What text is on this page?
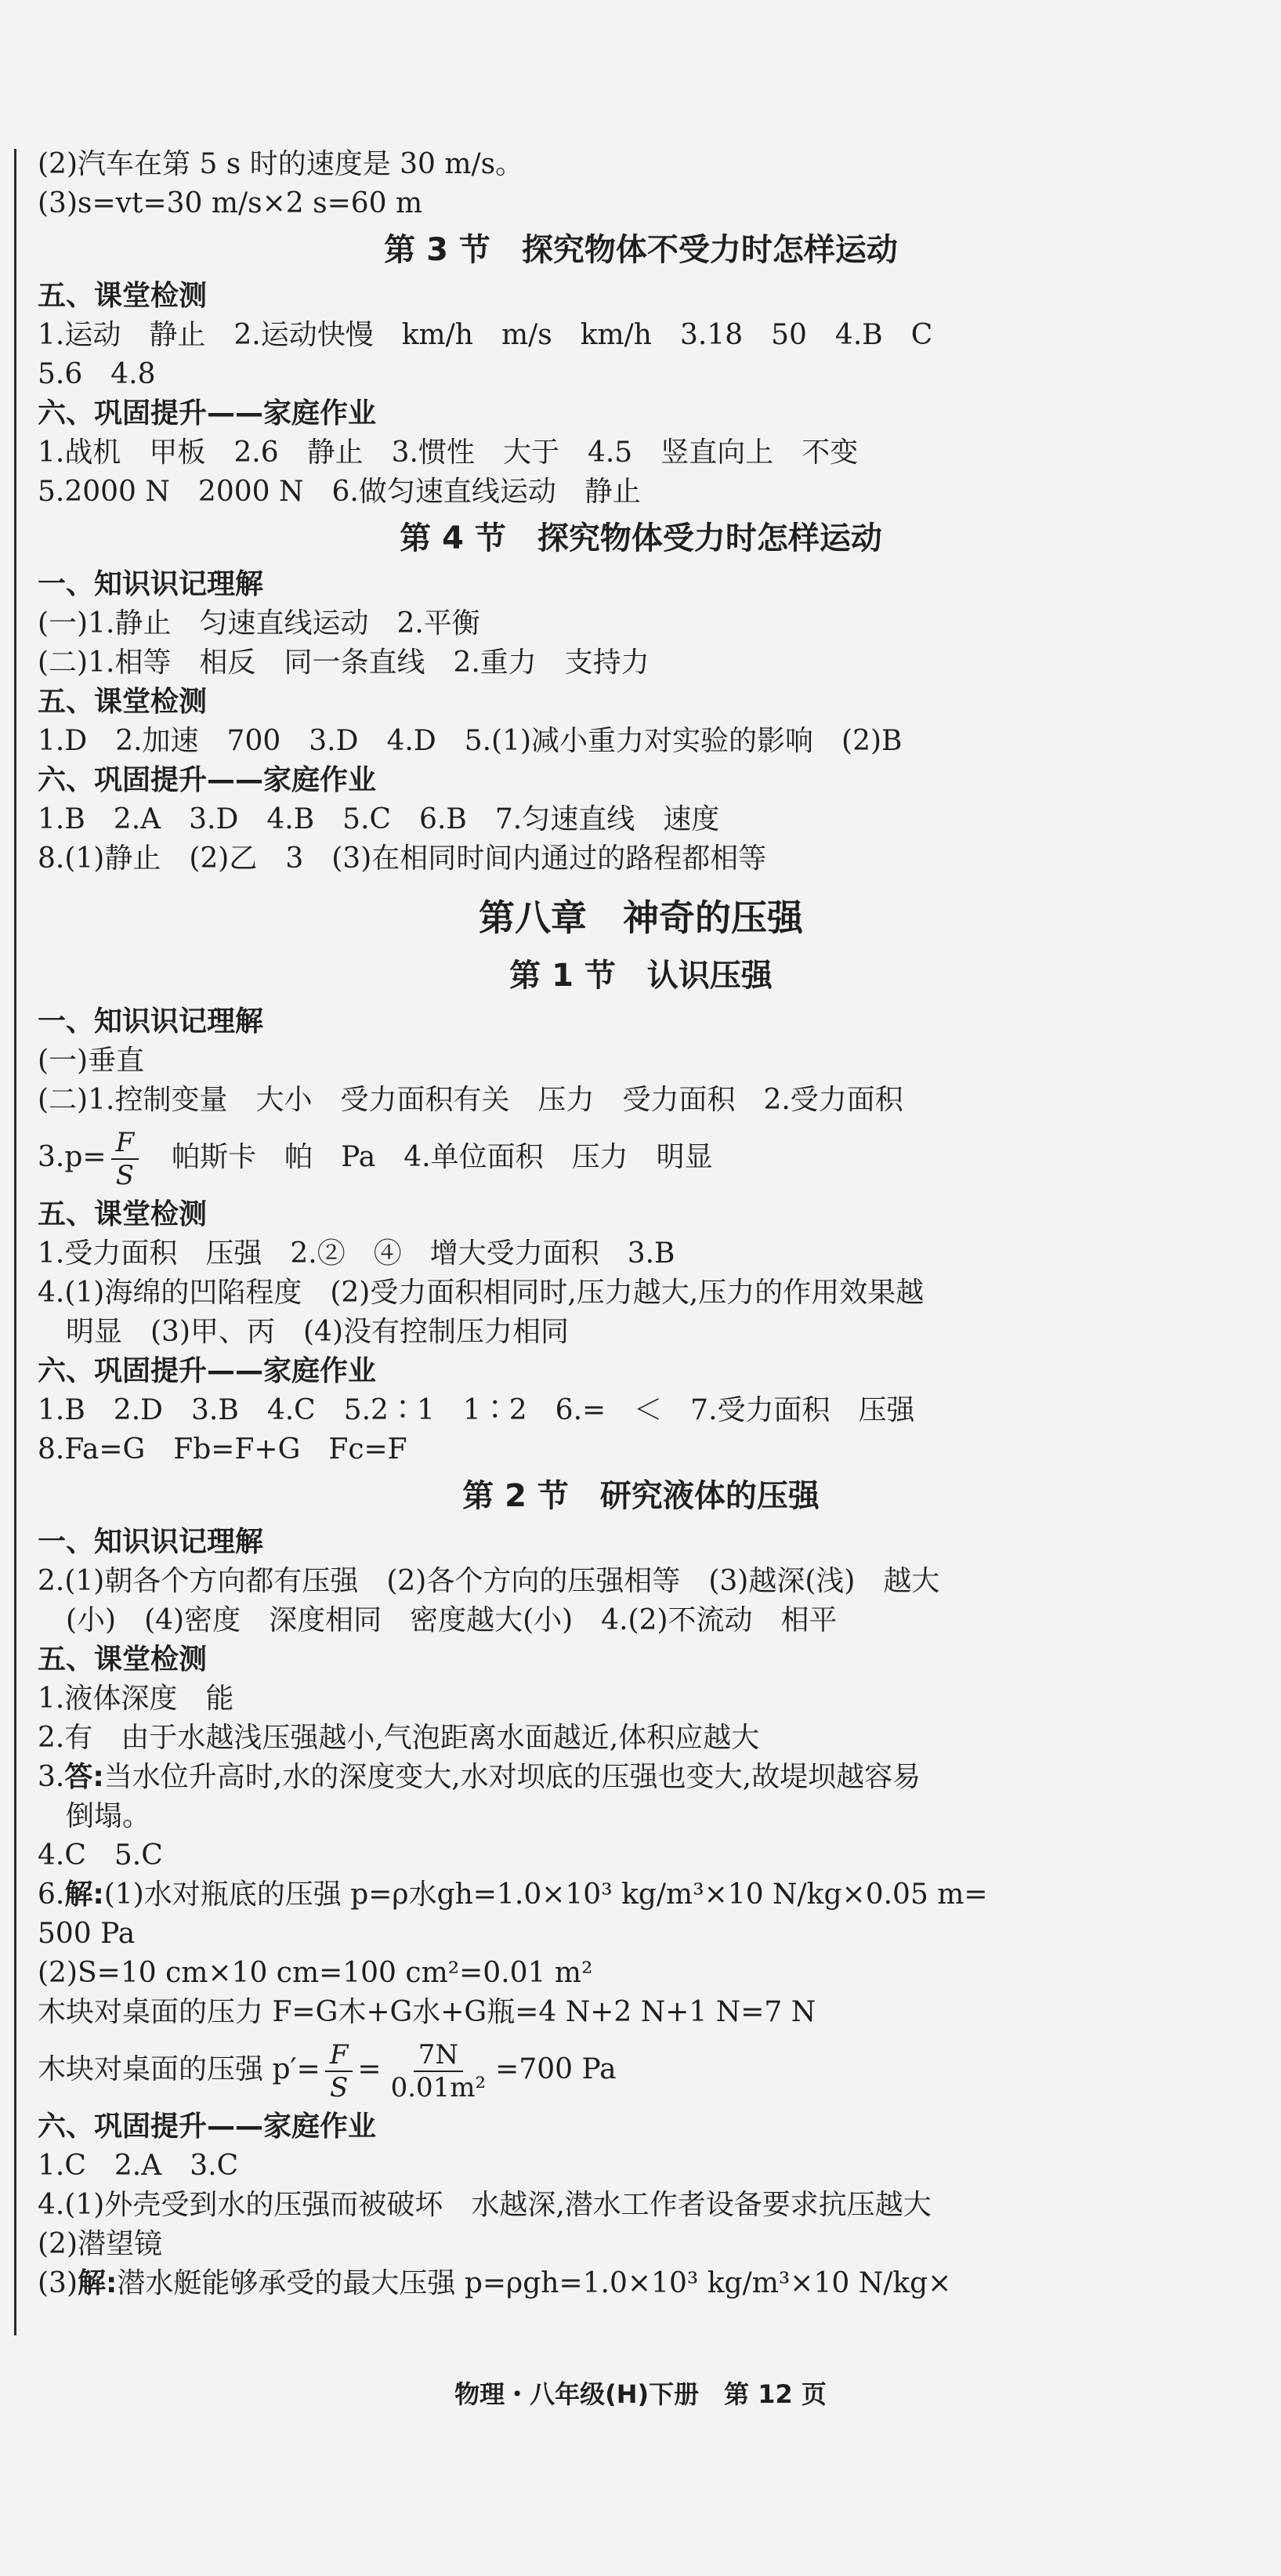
(2)汽车在第 5 s 时的速度是 30 m/s。
(3)s=vt=30 m/s×2 s=60 m
第 3 节　探究物体不受力时怎样运动
五、课堂检测
1.运动　静止　2.运动快慢　km/h　m/s　km/h　3.18　50　4.B　C
5.6　4.8
六、巩固提升——家庭作业
1.战机　甲板　2.6　静止　3.惯性　大于　4.5　竖直向上　不变
5.2000 N　2000 N　6.做匀速直线运动　静止
第 4 节　探究物体受力时怎样运动
一、知识识记理解
(一)1.静止　匀速直线运动　2.平衡
(二)1.相等　相反　同一条直线　2.重力　支持力
五、课堂检测
1.D　2.加速　700　3.D　4.D　5.(1)减小重力对实验的影响　(2)B
六、巩固提升——家庭作业
1.B　2.A　3.D　4.B　5.C　6.B　7.匀速直线　速度
8.(1)静止　(2)乙　3　(3)在相同时间内通过的路程都相等
第八章　神奇的压强
第 1 节　认识压强
一、知识识记理解
(一)垂直
(二)1.控制变量　大小　受力面积有关　压力　受力面积　2.受力面积
$3.p= \frac{F}{S}$ 　帕斯卡　帕　Pa　4.单位面积　压力　明显
五、课堂检测
1.受力面积　压强　2.②　④　增大受力面积　3.B
4.(1)海绵的凹陷程度　(2)受力面积相同时,压力越大,压力的作用效果越
　明显　(3)甲、丙　(4)没有控制压力相同
六、巩固提升——家庭作业
1.B　2.D　3.B　4.C　5.2∶1　1∶2　6.=　＜　7.受力面积　压强
8.Fa=G　Fb=F+G　Fc=F
第 2 节　研究液体的压强
一、知识识记理解
2.(1)朝各个方向都有压强　(2)各个方向的压强相等　(3)越深(浅)　越大
　(小)　(4)密度　深度相同　密度越大(小)　4.(2)不流动　相平
五、课堂检测
1.液体深度　能
2.有　由于水越浅压强越小,气泡距离水面越近,体积应越大
3.答:当水位升高时,水的深度变大,水对坝底的压强也变大,故堤坝越容易
　倒塌。
4.C　5.C
6.解:(1)水对瓶底的压强 p=ρ水gh=1.0×10³ kg/m³×10 N/kg×0.05 m=
500 Pa
(2)S=10 cm×10 cm=100 cm²=0.01 m²
木块对桌面的压力 F=G木+G水+G瓶=4 N+2 N+1 N=7 N
木块对桌面的压强 $p'= \frac{F}{S} = \frac{7N}{\text{0.01m²}} =700$ Pa
六、巩固提升——家庭作业
1.C　2.A　3.C
4.(1)外壳受到水的压强而被破坏　水越深,潜水工作者设备要求抗压越大
(2)潜望镜
(3)解:潜水艇能够承受的最大压强 p=ρgh=1.0×10³ kg/m³×10 N/kg×
物理・八年级(H)下册　第 12 页
